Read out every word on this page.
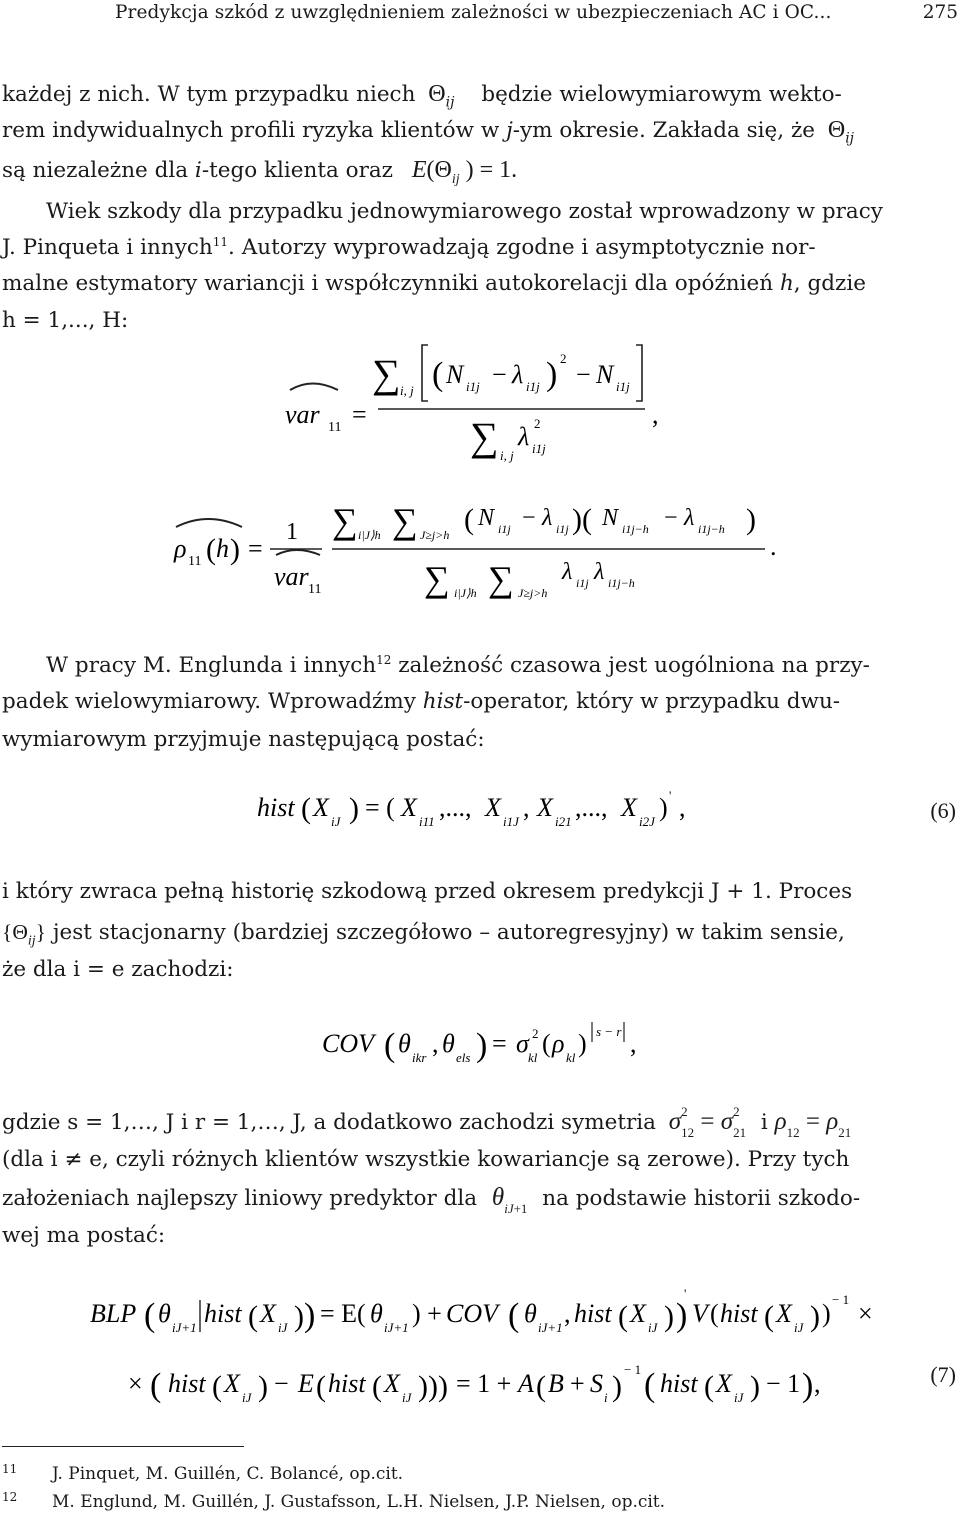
Predykcja szkód z uwzględnieniem zależności w ubezpieczeniach AC i OC...	275
każdej z nich. W tym przypadku niech  $\Theta_{ij}$ będzie wielowymiarowym wekto-
rem indywidualnych profili ryzyka klientów w j-ym okresie. Zakłada się, że  $\Theta_{ij}$
są niezależne dla i-tego klienta oraz $E(\Theta_{ij}$ ) = 1.
Wiek szkody dla przypadku jednowymiarowego został wprowadzony w pracy
J. Pinqueta i innych$^{11}$. Autorzy wyprowadzają zgodne i asymptotycznie nor-
malne estymatory wariancji i współczynniki autokorelacji dla opóźnień h, gdzie
h = 1,..., H:
var 11 =
∑ i, j ( N i1j − λ i1j ) 2
− N i1j
∑ i, j
λ 2
i1j
,
ρ 11 ( h ) =
1
var 11
∑ i|J⟩h ∑ J≥j>h ( N i1j − λ i1j )( N i1j−h − λ i1j−h )
∑ i|J⟩h ∑ J≥j>h
λ i1j λ i1j−h
.
W pracy M. Englunda i innych$^{12}$ zależność czasowa jest uogólniona na przy-
padek wielowymiarowy. Wprowadźmy hist-operator, który w przypadku dwu-
wymiarowym przyjmuje następującą postać:
hist ( X iJ ) = ( X i11 ,..., X i1J , X i21 ,..., X i2J ) ' ,	(6)
i który zwraca pełną historię szkodową przed okresem predykcji J + 1. Proces
$\{\Theta_{ij}\}$ jest stacjonarny (bardziej szczegółowo – autoregresyjny) w takim sensie,
że dla i = e zachodzi:
COV ( θ ikr , θ els ) = σ 2
kl ( ρ kl ) s − r ,
gdzie s = 1,…, J i r = 1,…, J, a dodatkowo zachodzi symetria σ 2
$_{12}$ = σ 2
$_{21}$ i $\rho_{12} = \rho_{21}$
(dla i ≠ e, czyli różnych klientów wszystkie kowariancje są zerowe). Przy tych
założeniach najlepszy liniowy predyktor dla $\theta_{iJ+1}$ na podstawie historii szkodo-
wej ma postać:
BLP ( θ iJ+1 hist ( X iJ ) ) = E( θ iJ+1 ) + COV ( θ iJ+1 , hist ( X iJ ) )
'
V ( hist ( X iJ ) ) − 1 ×
× ( hist ( X iJ ) − E ( hist ( X iJ ))) = 1 + A ( B + S i )
− 1 ( hist ( X iJ ) − 1 ) ,	(7)
11 J. Pinquet, M. Guillén, C. Bolancé, op.cit.
12 M. Englund, M. Guillén, J. Gustafsson, L.H. Nielsen, J.P. Nielsen, op.cit.
